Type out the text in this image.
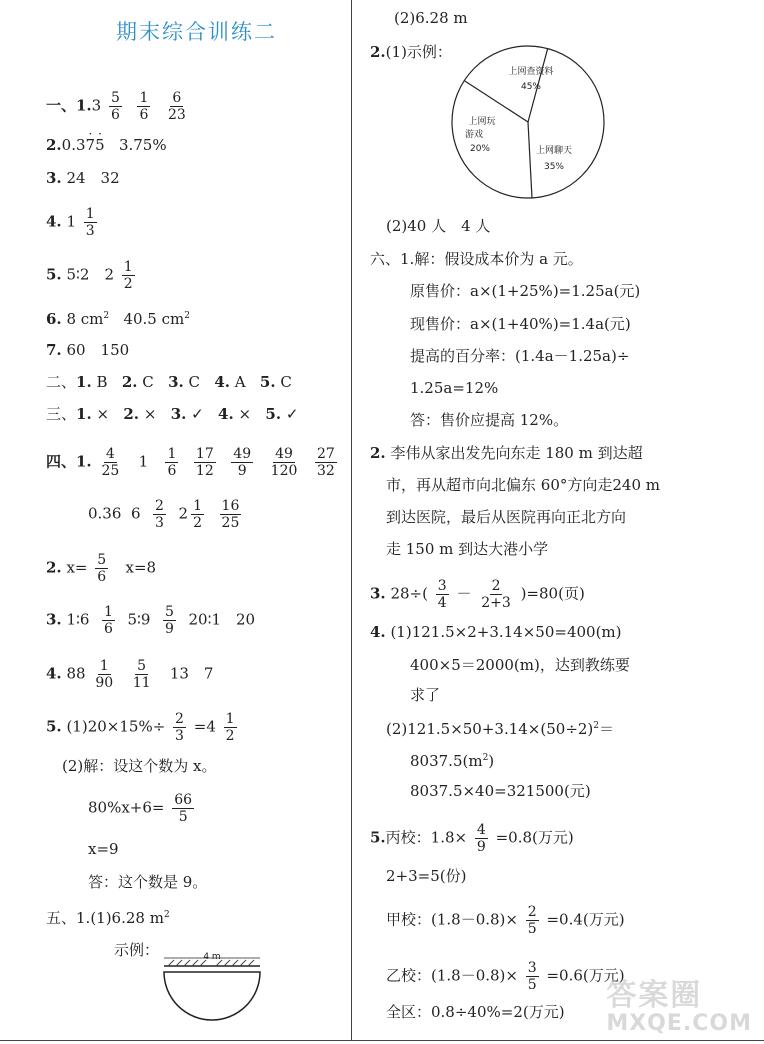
期末综合训练二
一、$1.3 \frac{5}{6}$
$\frac{1}{6}$
$\frac{6}{23}$
2.0.3· 7· 5 3.75%
3. 24　32
4. $1 \frac{1}{3}$
5. 5∶2　$2 \frac{1}{2}$
6. 8 $cm^2$ 40.5 $cm^2$
7. 60　150
二、1. B 2. C 3. C 4. A 5. C
三、1. × 2. × 3. ✓ 4. × 5. ✓
四、1. $\frac{4}{25} 1 \frac{1}{6}$
$\frac{17}{12}$
$\frac{49}{9}$
$\frac{49}{120}$
$\frac{27}{32}$
0.36 $6 \frac{2}{3} 2 \frac{1}{2}$
$\frac{16}{25}$
2. $x= \frac{5}{6} x=8$
3. 1∶6 $\frac{1}{6}$ 5∶9 $\frac{5}{9}$ 20∶1　20
4. $88 \frac{1}{90}$
$\frac{5}{11} 13$　7
5. $(1)20\times 15\%\div \frac{2}{3} =4 \frac{1}{2}$
(2)解：设这个数为 x。
$80\%x+6= \frac{66}{5}$
x=9
答：这个数是 9。
五、1.(1)6.28 $m^2$
示例：	4 m
(2)6.28 m
2.(1)示例：
上网查资料
45%
上网聊天
35%
上网玩
游戏
20%
(2)40 人　4 人
六、1.解：假设成本价为 a 元。
原售价：a×(1+25%)=1.25a(元)
现售价：a×(1+40%)=1.4a(元)
提高的百分率：(1.4a－1.25a)÷
1.25a=12%
答：售价应提高 12%。
2. 李伟从家出发先向东走 180 m 到达超
市，再从超市向北偏东 60°方向走240 m
到达医院，最后从医院再向正北方向
走 150 m 到达大港小学
3. $28\div( \frac{3}{4} - \frac{2}{2+3} )=80$(页)
4. (1)121.5×2+3.14×50=400(m)
400×5＝2000(m)，达到教练要
求了
$(2)121.5\times 50+3.14\times(50\div 2)^2=$
$8037.5(m^2)$
8037.5×40=321500(元)
5.丙校：$1.8\times \frac{4}{9} =0.8$(万元)
2+3=5(份)
甲校：$(1.8-0.8)\times \frac{2}{5} =0.4$(万元)
乙校：$(1.8-0.8)\times \frac{3}{5} =0.6$(万元)
全区：0.8÷40%=2(万元) 答案圈
MXQE.COM
